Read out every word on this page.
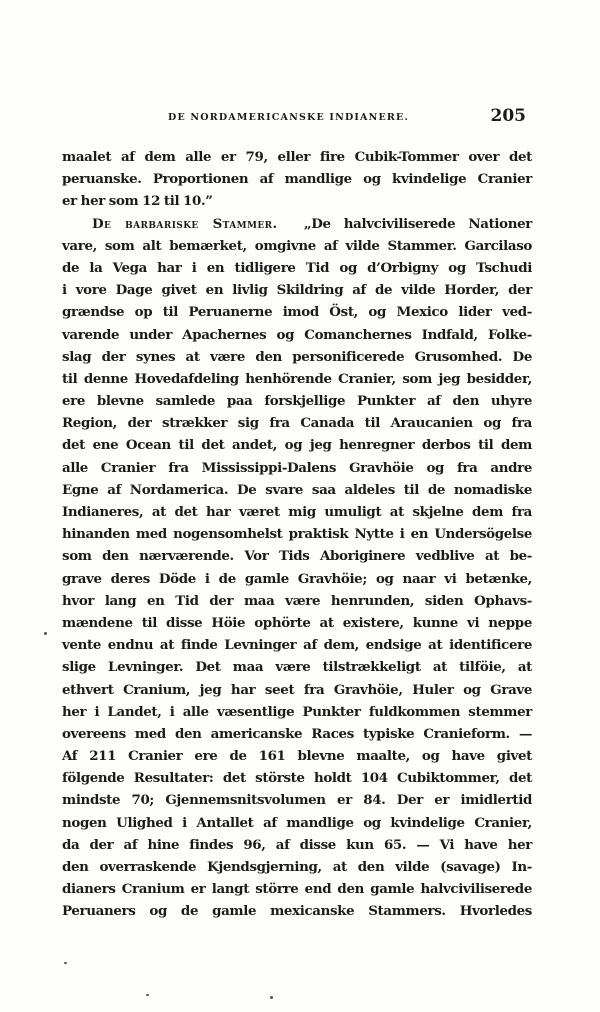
DE NORDAMERICANSKE INDIANERE.	205
maalet af dem alle er 79, eller fire Cubik-Tommer over det
peruanske. Proportionen af mandlige og kvindelige Cranier
er her som 12 til 10.”
De barbariske Stammer. „De halvciviliserede Nationer
vare, som alt bemærket, omgivne af vilde Stammer. Garcilaso
de la Vega har i en tidligere Tid og d’Orbigny og Tschudi
i vore Dage givet en livlig Skildring af de vilde Horder, der
grændse op til Peruanerne imod Öst, og Mexico lider ved-
varende under Apachernes og Comanchernes Indfald, Folke-
slag der synes at være den personificerede Grusomhed. De
til denne Hovedafdeling henhörende Cranier, som jeg besidder,
ere blevne samlede paa forskjellige Punkter af den uhyre
Region, der strækker sig fra Canada til Araucanien og fra
det ene Ocean til det andet, og jeg henregner derbos til dem
alle Cranier fra Mississippi-Dalens Gravhöie og fra andre
Egne af Nordamerica. De svare saa aldeles til de nomadiske
Indianeres, at det har været mig umuligt at skjelne dem fra
hinanden med nogensomhelst praktisk Nytte i en Undersögelse
som den nærværende. Vor Tids Aboriginere vedblive at be-
grave deres Döde i de gamle Gravhöie; og naar vi betænke,
hvor lang en Tid der maa være henrunden, siden Ophavs-
mændene til disse Höie ophörte at existere, kunne vi neppe
vente endnu at finde Levninger af dem, endsige at identificere
slige Levninger. Det maa være tilstrækkeligt at tilföie, at
ethvert Cranium, jeg har seet fra Gravhöie, Huler og Grave
her i Landet, i alle væsentlige Punkter fuldkommen stemmer
overeens med den americanske Races typiske Cranieform. —
Af 211 Cranier ere de 161 blevne maalte, og have givet
fölgende Resultater: det störste holdt 104 Cubiktommer, det
mindste 70; Gjennemsnitsvolumen er 84. Der er imidlertid
nogen Ulighed i Antallet af mandlige og kvindelige Cranier,
da der af hine findes 96, af disse kun 65. — Vi have her
den overraskende Kjendsgjerning, at den vilde (savage) In-
dianers Cranium er langt större end den gamle halvciviliserede
Peruaners og de gamle mexicanske Stammers. Hvorledes
